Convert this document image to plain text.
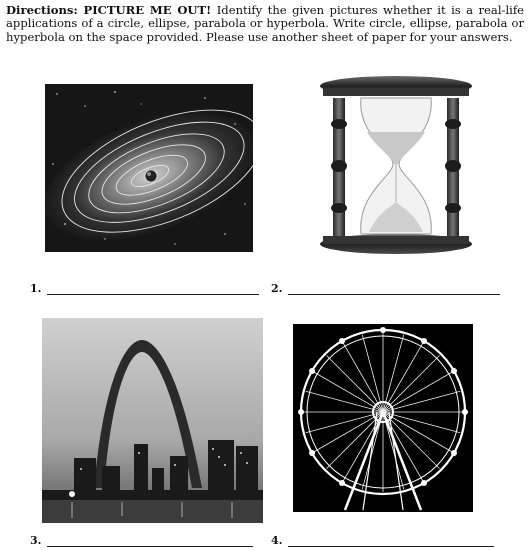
Directions: PICTURE ME OUT! Identify the given pictures whether it is a real-life applications of a circle, ellipse, parabola or hyperbola. Write circle, ellipse, parabola or hyperbola on the space provided. Please use another sheet of paper for your answers.

1.	2.
3.	4.
